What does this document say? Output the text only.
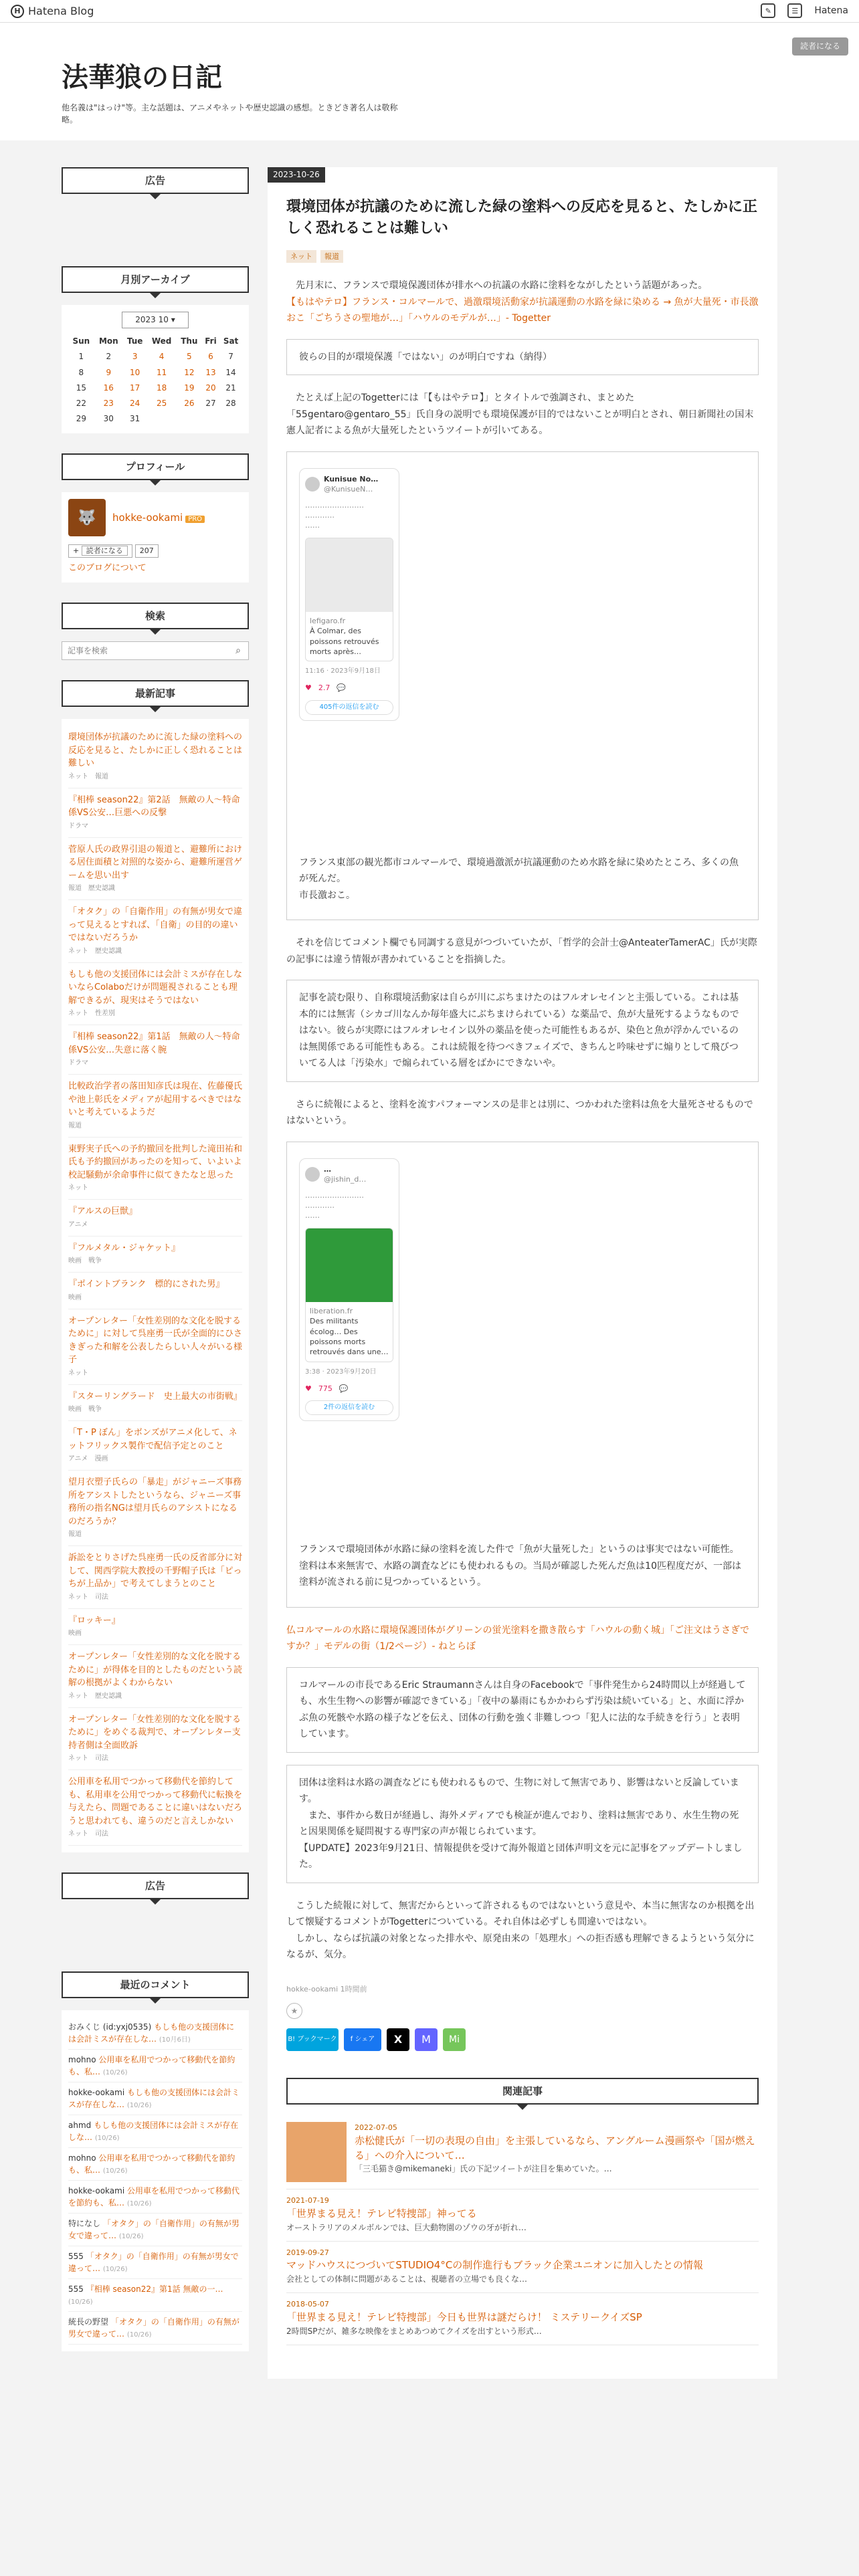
H Hatena Blog	✎	☰	Hatena
法華狼の日記
他名義は"はっけ"等。主な話題は、アニメやネットや歴史認識の感想。ときどき著名人は敬称略。
読者になる
広告
月別アーカイブ
2023 10 ▾
Sun	Mon	Tue	Wed	Thu	Fri	Sat
1	2	3	4	5	6	7
8	9	10	11	12	13	14
15	16	17	18	19	20	21
22	23	24	25	26	27	28
29	30	31				
プロフィール
🐺	hokke-ookami PRO
+ 読者になる	207
このブログについて
検索
記事を検索
⌕
最新記事
環境団体が抗議のために流した緑の塗料への反応を見ると、たしかに正しく恐れることは難しい
ネット　報道
『相棒 season22』第2話　無敵の人〜特命係VS公安…巨悪への反撃
ドラマ
菅原人氏の政界引退の報道と、避難所における居住面積と対照的な姿から、避難所運営ゲームを思い出す
報道　歴史認識
「オタク」の「自衛作用」の有無が男女で違って見えるとすれば、「自衛」の目的の違いではないだろうか
ネット　歴史認識
もしも他の支援団体には会計ミスが存在しないならColaboだけが問題視されることも理解できるが、現実はそうではない
ネット　性差別
『相棒 season22』第1話　無敵の人〜特命係VS公安…失意に落く腕
ドラマ
比較政治学者の落田知彦氏は現在、佐藤優氏や池上彰氏をメディアが起用するべきではないと考えているようだ
報道
東野実子氏への予約撤回を批判した滝田祐和氏も予約撤回があったのを知って、いよいよ校記騒動が余命事件に似てきたなと思った
ネット
『アルスの巨獣』
アニメ
『フルメタル・ジャケット』
映画　戦争
『ポイントブランク　標的にされた男』
映画
オープンレター「女性差別的な文化を脱するために」に対して呉座勇一氏が全面的にひさきぎった和解を公表したらしい人々がいる様子
ネット
『スターリングラード　史上最大の市街戦』
映画　戦争
「T・P ぼん」をボンズがアニメ化して、ネットフリックス製作で配信予定とのこと
アニメ　漫画
望月衣塑子氏らの「暴走」がジャニーズ事務所をアシストしたというなら、ジャニーズ事務所の指名NGは望月氏らのアシストになるのだろうか？
報道
訴訟をとりさげた呉座勇一氏の反省部分に対して、関西学院大教授の千野帽子氏は「ピっちが上品か」で考えてしまうとのこと
ネット　司法
『ロッキー』
映画
オープンレター「女性差別的な文化を脱するために」が得体を目的としたものだという読解の根拠がよくわからない
ネット　歴史認識
オープンレター「女性差別的な文化を脱するために」をめぐる裁判で、オープンレター支持者側は全面敗訴
ネット　司法
公用車を私用でつかって移動代を節約しても、私用車を公用でつかって移動代に転換を与えたら、問題であることに違いはないだろうと思われても、違うのだと言えしかない
ネット　司法
広告
最近のコメント
おみくじ (id:yxj0535) もしも他の支援団体には会計ミスが存在しな… (10月6日)
mohno 公用車を私用でつかって移動代を節約も、私… (10/26)
hokke-ookami もしも他の支援団体には会計ミスが存在しな… (10/26)
ahmd もしも他の支援団体には会計ミスが存在しな… (10/26)
mohno 公用車を私用でつかって移動代を節約も、私… (10/26)
hokke-ookami 公用車を私用でつかって移動代を節約も、私… (10/26)
特になし 「オタク」の「自衛作用」の有無が男女で違って… (10/26)
555 「オタク」の「自衛作用」の有無が男女で違って… (10/26)
555 『相棒 season22』第1話 無敵の一… (10/26)
統長の野望 「オタク」の「自衛作用」の有無が男女で違って… (10/26)
2023-10-26
環境団体が抗議のために流した緑の塗料への反応を見ると、たしかに正しく恐れることは難しい
ネット	報道

　先月末に、フランスで環境保護団体が排水への抗議の水路に塗料をながしたという話題があった。
【もはやテロ】フランス・コルマールで、過激環境活動家が抗議運動の水路を緑に染める → 魚が大量死・市長激おこ「ごちうさの聖地が…」「ハウルのモデルが…」- Togetter

彼らの目的が環境保護「ではない」のが明白ですね（納得）

　たとえば上記のTogetterには「【もはやテロ】」とタイトルで強調され、まとめた「55gentaro@gentaro_55」氏自身の説明でも環境保護が目的ではないことが明白とされ、朝日新聞社の国末憲人記者による魚が大量死したというツイートが引いてある。

Kunisue No…
@KunisueN…
……………………
…………
……
lefigaro.fr
À Colmar, des poissons retrouvés morts après…
11:16 · 2023年9月18日
♥ 2.7 💬
405件の返信を読む
フランス東部の観光都市コルマールで、環境過激派が抗議運動のため水路を緑に染めたところ、多くの魚が死んだ。
市長激おこ。

　それを信じてコメント欄でも同調する意見がつづいていたが、「哲学的会計士@AnteaterTamerAC」氏が実際の記事には違う情報が書かれていることを指摘した。

記事を読む限り、自称環境活動家は自らが川にぶちまけたのはフルオレセインと主張している。これは基本的には無害（シカゴ川なんか毎年盛大にぶちまけられている）な薬品で、魚が大量死するようなものではない。彼らが実際にはフルオレセイン以外の薬品を使った可能性もあるが、染色と魚が浮かんでいるのは無関係である可能性もある。これは続報を待つべきフェイズで、きちんと吟味せずに煽りとして飛びついてる人は「汚染水」で煽られている層をばかにできないや。

　さらに続報によると、塗料を流すパフォーマンスの是非とは別に、つかわれた塗料は魚を大量死させるものではないという。

…
@jishin_d…
……………………
…………
……
liberation.fr
Des militants écolog… Des poissons morts retrouvés dans une…
3:38 · 2023年9月20日
♥ 775 💬
2件の返信を読む
フランスで環境団体が水路に緑の塗料を流した件で「魚が大量死した」というのは事実ではない可能性。塗料は本来無害で、水路の調査などにも使われるもの。当局が確認した死んだ魚は10匹程度だが、一部は塗料が流される前に見つかっているという。

仏コルマールの水路に環境保護団体がグリーンの蛍光塗料を撒き散らす「ハウルの動く城」「ご注文はうさぎですか？」モデルの街（1/2ページ）- ねとらぼ

コルマールの市長であるEric Straumannさんは自身のFacebookで「事件発生から24時間以上が経過しても、水生生物への影響が確認できている」「夜中の暴雨にもかかわらず汚染は続いている」と、水面に浮かぶ魚の死骸や水路の様子などを伝え、団体の行動を強く非難しつつ「犯人に法的な手続きを行う」と表明しています。
団体は塗料は水路の調査などにも使われるもので、生物に対して無害であり、影響はないと反論しています。
　また、事件から数日が経過し、海外メディアでも検証が進んでおり、塗料は無害であり、水生生物の死と因果関係を疑問視する専門家の声が報じられています。
【UPDATE】2023年9月21日、情報提供を受けて海外報道と団体声明文を元に記事をアップデートしました。

　こうした続報に対して、無害だからといって許されるものではないという意見や、本当に無害なのか根拠を出して懐疑するコメントがTogetterについている。それ自体は必ずしも間違いではない。
　しかし、ならば抗議の対象となった排水や、原発由来の「処理水」への拒否感も理解できるようという気分になるが、気分。

hokke-ookami 1時間前
★
B! ブックマーク	f シェア	X	M	Mi
関連記事
2022-07-05
赤松健氏が「一切の表現の自由」を主張しているなら、アングルーム漫画祭や「国が燃える」への介入について…
「三毛猫き@mikemaneki」氏の下記ツイートが注目を集めていた。…
2021-07-19
「世界まる見え！テレビ特捜部」神ってる
オーストラリアのメルボルンでは、巨大動物園のゾウの牙が折れ…
2019-09-27
マッドハウスにつづいてSTUDIO4°Cの制作進行もブラック企業ユニオンに加入したとの情報
会社としての体制に問題があることは、視聴者の立場でも良くな…
2018-05-07
「世界まる見え！テレビ特捜部」今日も世界は謎だらけ！ ミステリークイズSP
2時間SPだが、雑多な映像をまとめあつめてクイズを出すという形式…
